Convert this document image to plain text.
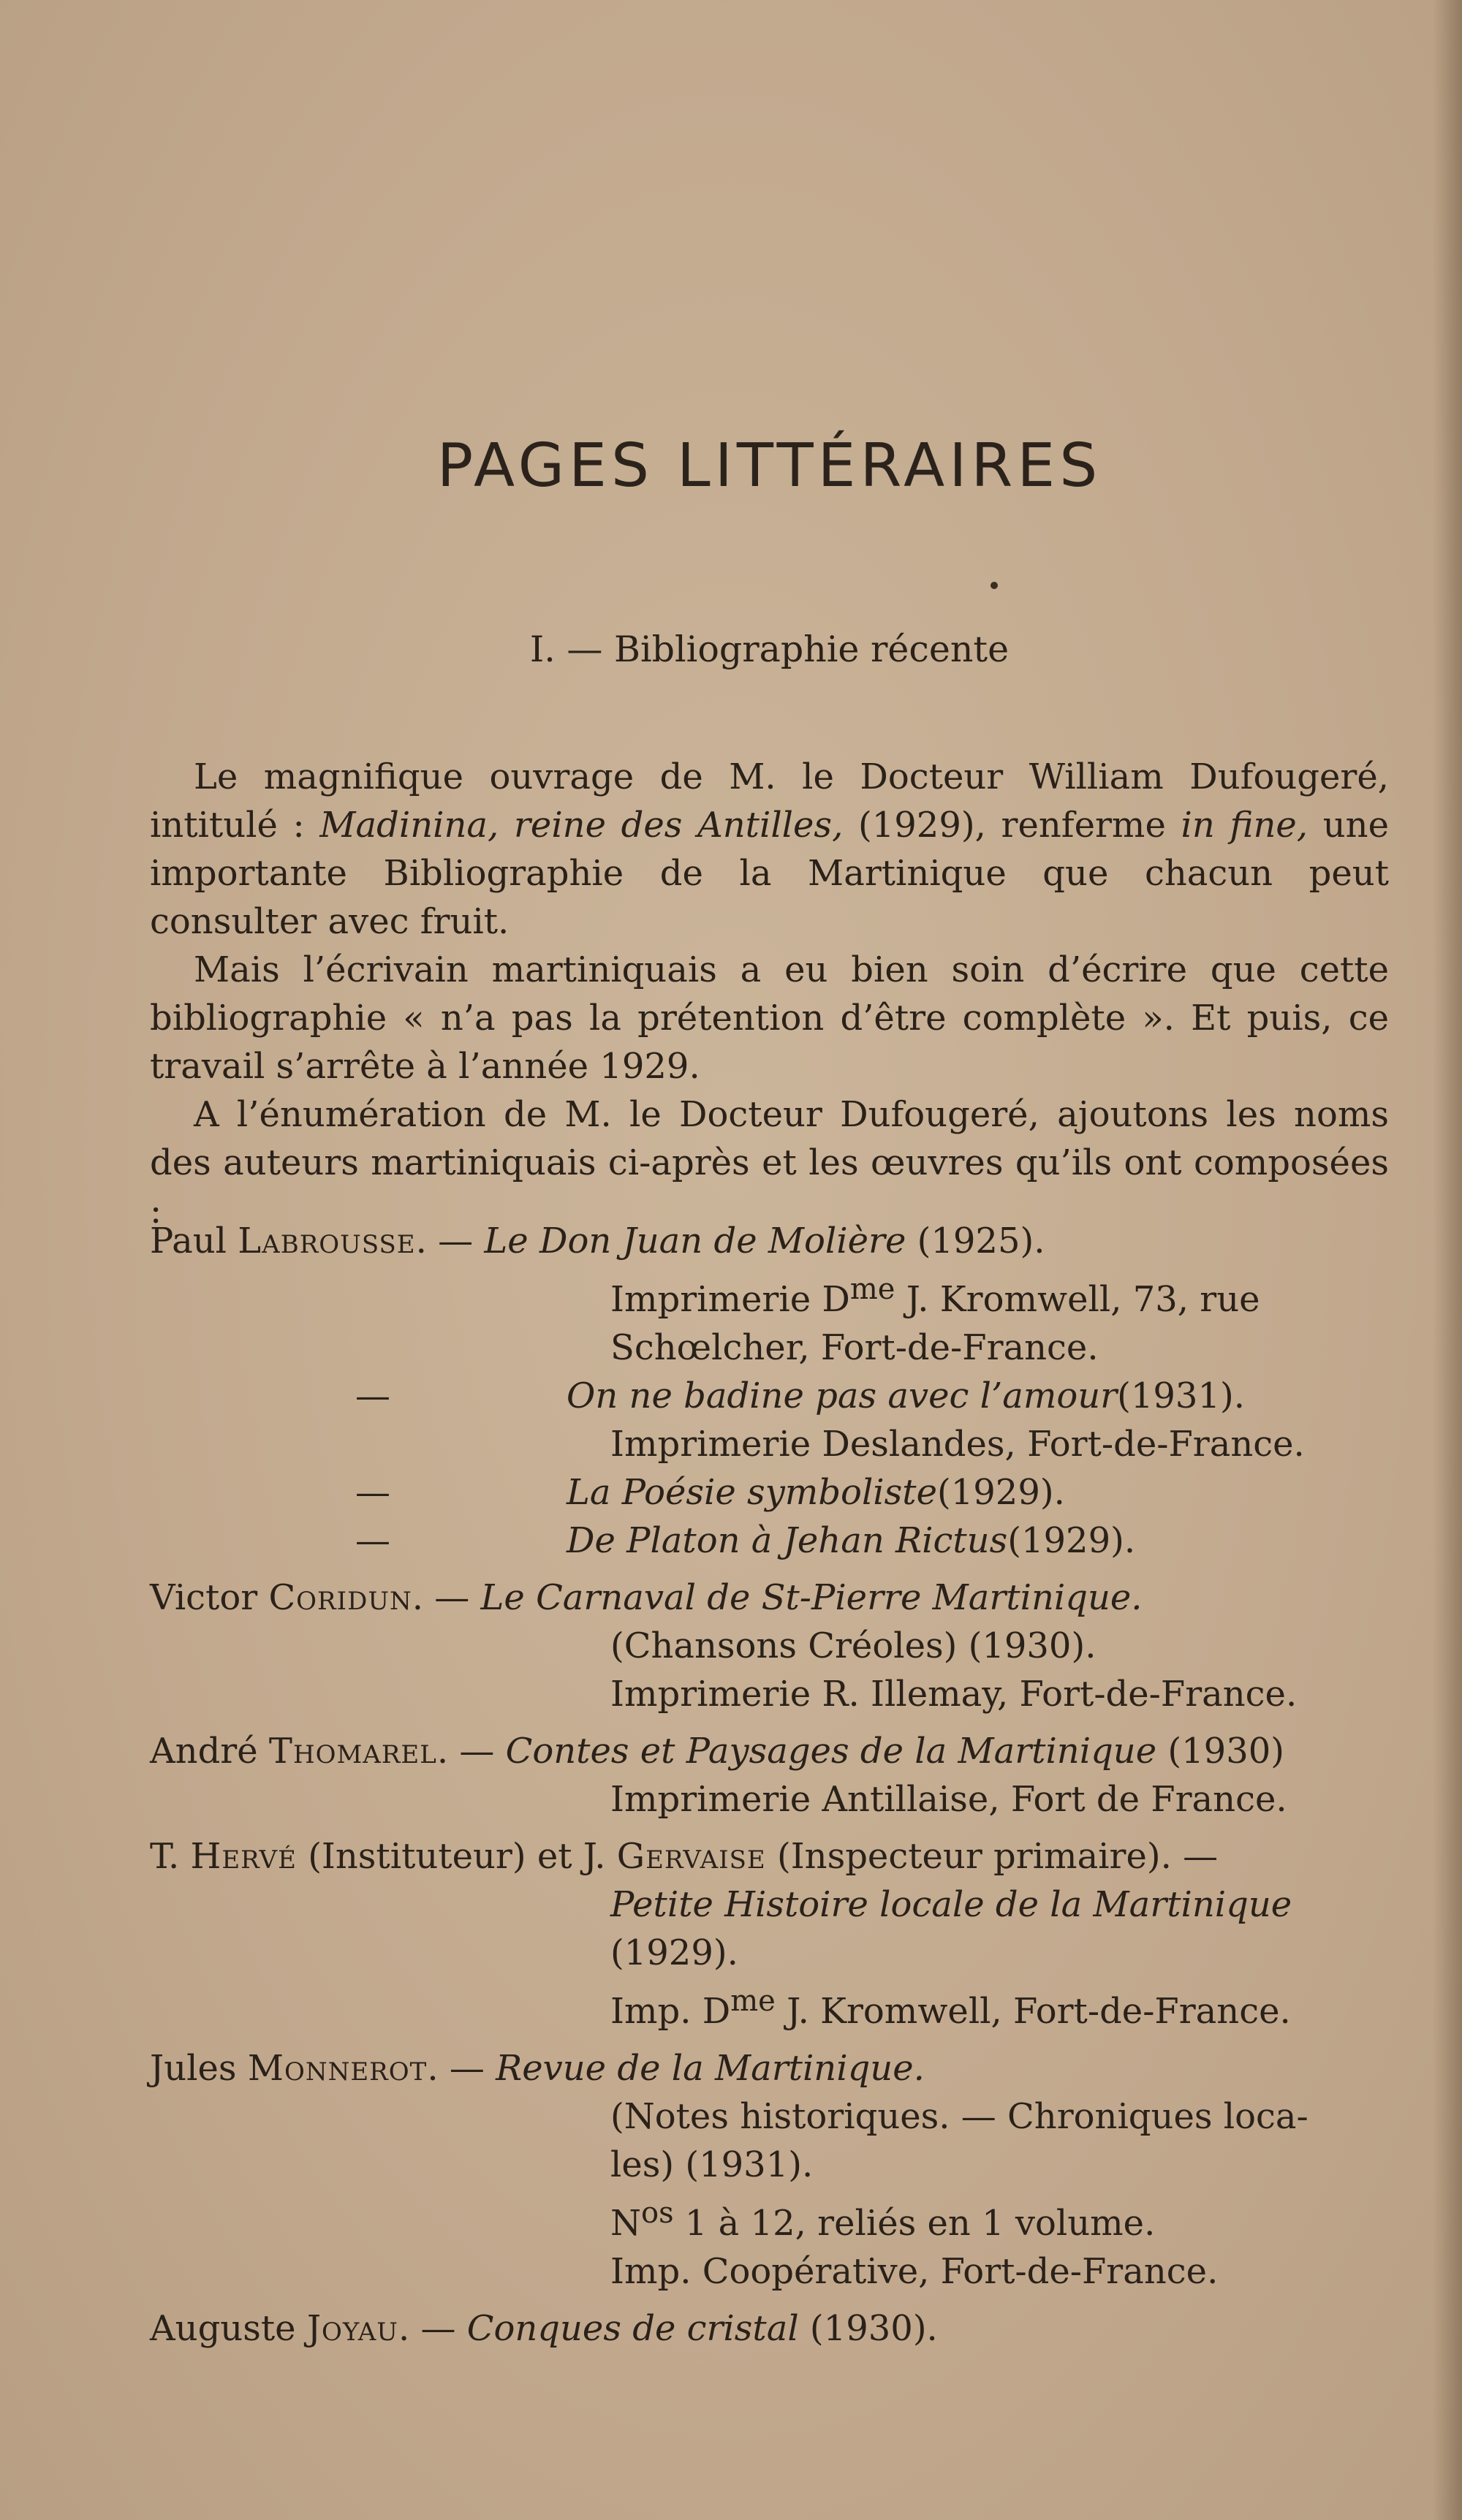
PAGES LITTÉRAIRES
I. — Bibliographie récente

Le magnifique ouvrage de M. le Docteur William Dufougeré, intitulé : Madinina, reine des Antilles, (1929), renferme in fine, une importante Bibliographie de la Martinique que chacun peut consulter avec fruit.

Mais l’écrivain martiniquais a eu bien soin d’écrire que cette bibliographie « n’a pas la prétention d’être complète ». Et puis, ce travail s’arrête à l’année 1929.

A l’énumération de M. le Docteur Dufougeré, ajoutons les noms des auteurs martiniquais ci-après et les œuvres qu’ils ont composées :

Paul Labrousse. — Le Don Juan de Molière (1925).
Imprimerie $D^{me}$ J. Kromwell, 73, rue
Schœlcher, Fort-de-France.
—	On ne badine pas avec l’amour (1931).
Imprimerie Deslandes, Fort-de-France.
—	La Poésie symboliste (1929).
—	De Platon à Jehan Rictus (1929).
Victor Coridun. — Le Carnaval de St-Pierre Martinique.
(Chansons Créoles) (1930).
Imprimerie R. Illemay, Fort-de-France.
André Thomarel. — Contes et Paysages de la Martinique (1930)
Imprimerie Antillaise, Fort de France.
T. Hervé (Instituteur) et J. Gervaise (Inspecteur primaire). —
Petite Histoire locale de la Martinique
(1929).
Imp. $D^{me}$ J. Kromwell, Fort-de-France.
Jules Monnerot. — Revue de la Martinique.
(Notes historiques. — Chroniques loca-
les) (1931).
$N^{os}$ 1 à 12, reliés en 1 volume.
Imp. Coopérative, Fort-de-France.
Auguste Joyau. — Conques de cristal (1930).
